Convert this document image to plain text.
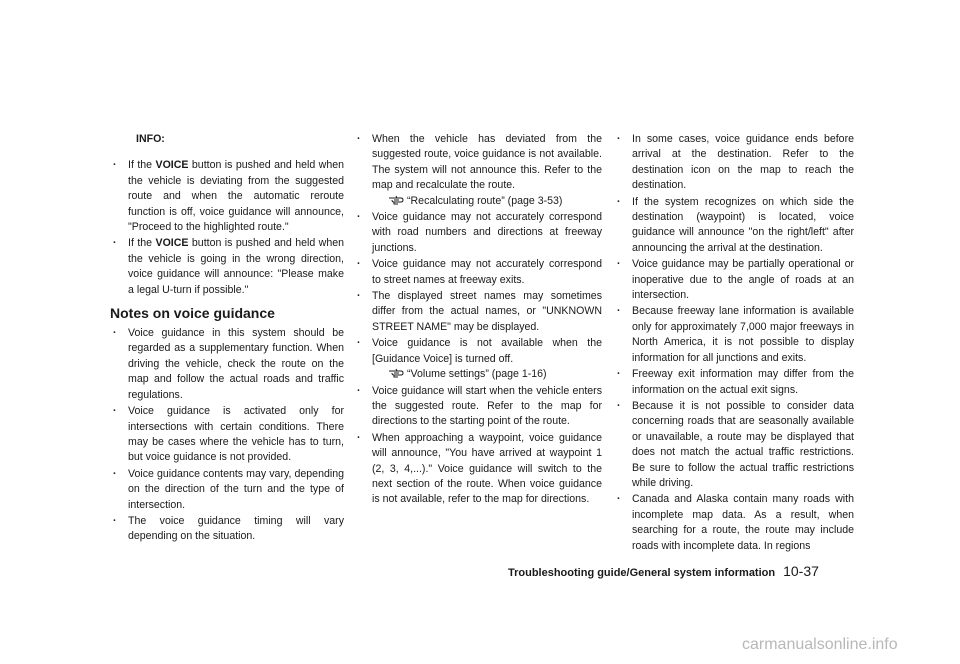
INFO:
. If the VOICE button is pushed and held when the vehicle is deviating from the suggested route and when the automatic reroute function is off, voice guidance will announce, "Proceed to the highlighted route."
. If the VOICE button is pushed and held when the vehicle is going in the wrong direction, voice guidance will announce: "Please make a legal U-turn if possible."
Notes on voice guidance
. Voice guidance in this system should be regarded as a supplementary function. When driving the vehicle, check the route on the map and follow the actual roads and traffic regulations.
. Voice guidance is activated only for intersections with certain conditions. There may be cases where the vehicle has to turn, but voice guidance is not provided.
. Voice guidance contents may vary, depending on the direction of the turn and the type of intersection.
. The voice guidance timing will vary depending on the situation.
. When the vehicle has deviated from the suggested route, voice guidance is not available. The system will not announce this. Refer to the map and recalculate the route.
“Recalculating route” (page 3-53)
. Voice guidance may not accurately correspond with road numbers and directions at freeway junctions.
. Voice guidance may not accurately correspond to street names at freeway exits.
. The displayed street names may sometimes differ from the actual names, or "UNKNOWN STREET NAME" may be displayed.
. Voice guidance is not available when the [Guidance Voice] is turned off.
“Volume settings” (page 1-16)
. Voice guidance will start when the vehicle enters the suggested route. Refer to the map for directions to the starting point of the route.
. When approaching a waypoint, voice guidance will announce, "You have arrived at waypoint 1 (2, 3, 4,...)." Voice guidance will switch to the next section of the route. When voice guidance is not available, refer to the map for directions.
. In some cases, voice guidance ends before arrival at the destination. Refer to the destination icon on the map to reach the destination.
. If the system recognizes on which side the destination (waypoint) is located, voice guidance will announce "on the right/left" after announcing the arrival at the destination.
. Voice guidance may be partially operational or inoperative due to the angle of roads at an intersection.
. Because freeway lane information is available only for approximately 7,000 major freeways in North America, it is not possible to display information for all junctions and exits.
. Freeway exit information may differ from the information on the actual exit signs.
. Because it is not possible to consider data concerning roads that are seasonally available or unavailable, a route may be displayed that does not match the actual traffic restrictions. Be sure to follow the actual traffic restrictions while driving.
. Canada and Alaska contain many roads with incomplete map data. As a result, when searching for a route, the route may include roads with incomplete data. In regions
Troubleshooting guide/General system information 10-37
carmanualsonline.info
